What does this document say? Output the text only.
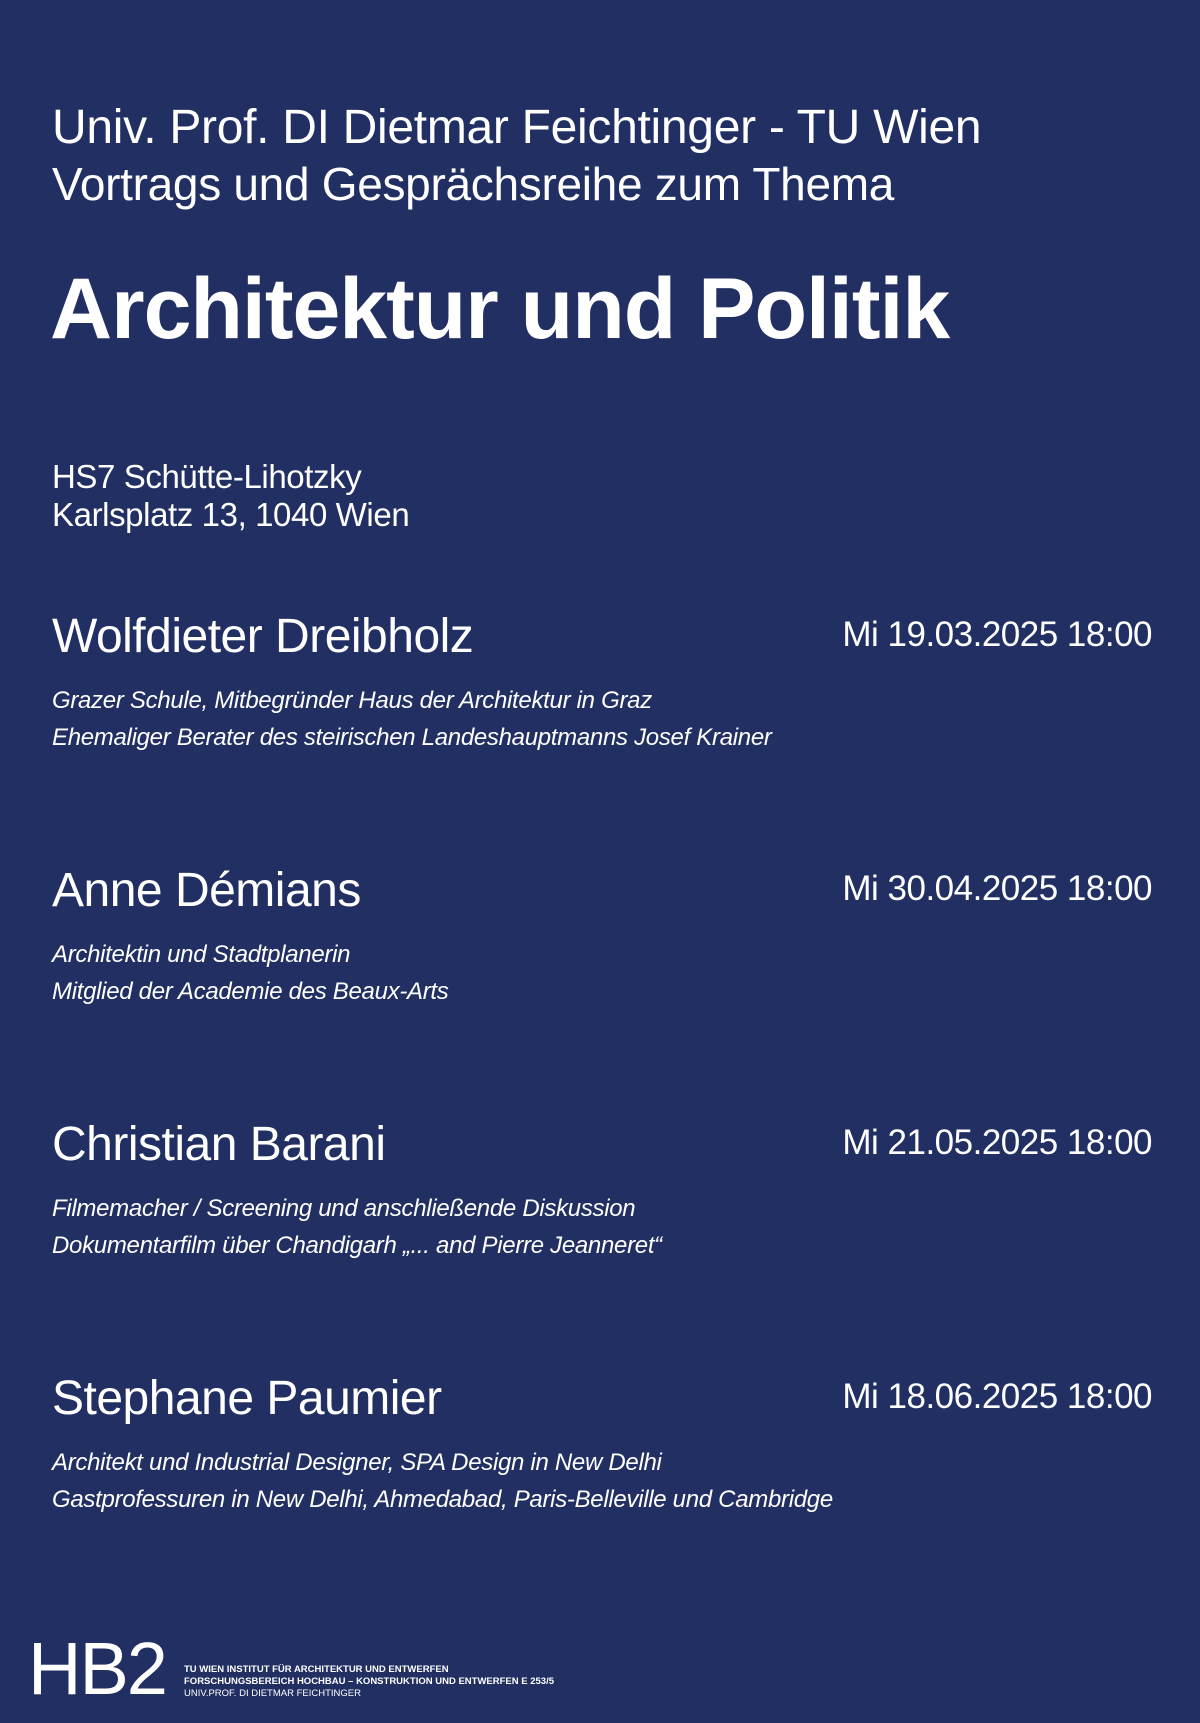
Univ. Prof. DI Dietmar Feichtinger - TU Wien
Vortrags und Gesprächsreihe zum Thema
Architektur und Politik
HS7 Schütte-Lihotzky
Karlsplatz 13, 1040 Wien
Wolfdieter Dreibholz	Mi 19.03.2025 18:00
Grazer Schule, Mitbegründer Haus der Architektur in Graz
Ehemaliger Berater des steirischen Landeshauptmanns Josef Krainer
Anne Démians	Mi 30.04.2025 18:00
Architektin und Stadtplanerin
Mitglied der Academie des Beaux-Arts
Christian Barani	Mi 21.05.2025 18:00
Filmemacher / Screening und anschließende Diskussion
Dokumentarfilm über Chandigarh „... and Pierre Jeanneret“
Stephane Paumier	Mi 18.06.2025 18:00
Architekt und Industrial Designer, SPA Design in New Delhi
Gastprofessuren in New Delhi, Ahmedabad, Paris-Belleville und Cambridge
HB2 TU WIEN INSTITUT FÜR ARCHITEKTUR UND ENTWERFEN
FORSCHUNGSBEREICH HOCHBAU – KONSTRUKTION UND ENTWERFEN E 253/5
UNIV.PROF. DI DIETMAR FEICHTINGER
